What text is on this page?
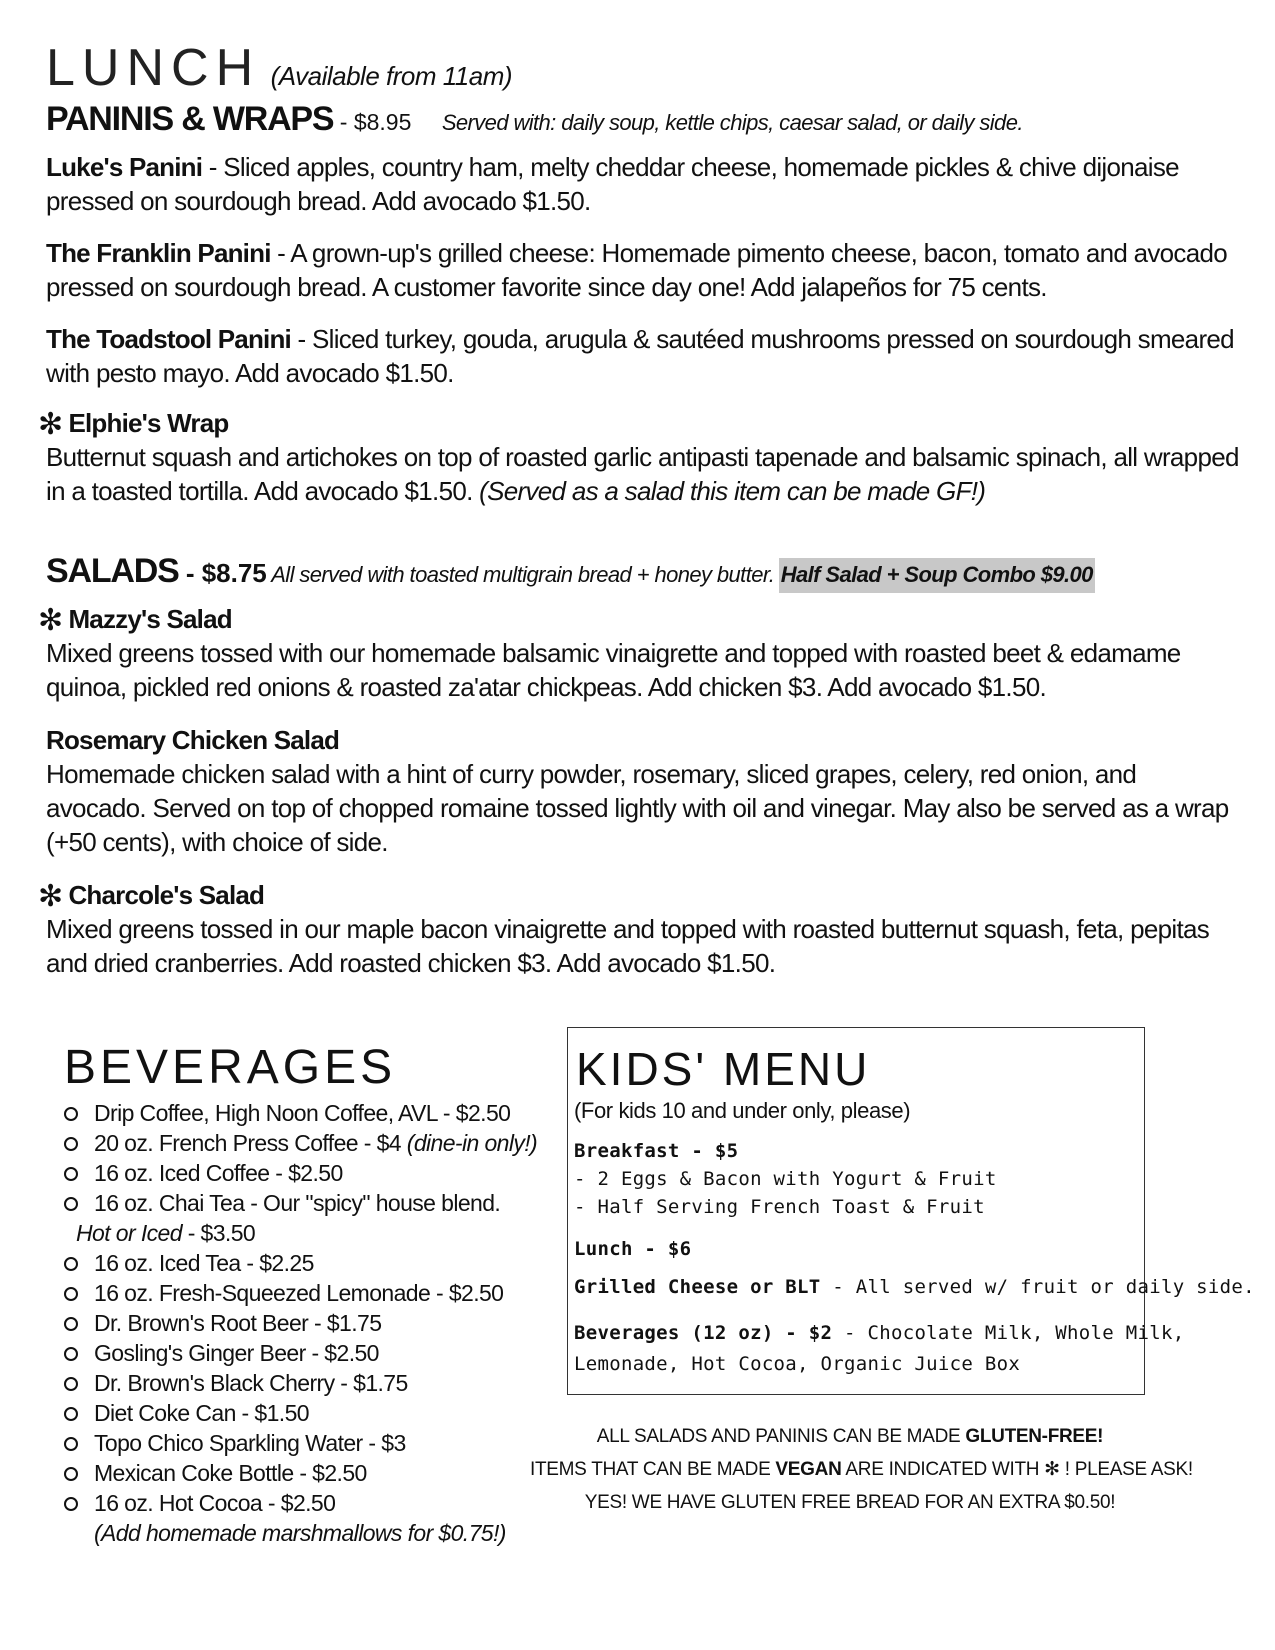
LUNCH (Available from 11am)
PANINIS & WRAPS - $8.95 Served with: daily soup, kettle chips, caesar salad, or daily side.
Luke's Panini - Sliced apples, country ham, melty cheddar cheese, homemade pickles & chive dijonaise pressed on sourdough bread. Add avocado $1.50.
The Franklin Panini - A grown-up's grilled cheese: Homemade pimento cheese, bacon, tomato and avocado pressed on sourdough bread. A customer favorite since day one! Add jalapeños for 75 cents.
The Toadstool Panini - Sliced turkey, gouda, arugula & sautéed mushrooms pressed on sourdough smeared with pesto mayo. Add avocado $1.50.
✻ Elphie's Wrap
Butternut squash and artichokes on top of roasted garlic antipasti tapenade and balsamic spinach, all wrapped in a toasted tortilla. Add avocado $1.50. (Served as a salad this item can be made GF!)
SALADS - $8.75 All served with toasted multigrain bread + honey butter. Half Salad + Soup Combo $9.00
✻ Mazzy's Salad
Mixed greens tossed with our homemade balsamic vinaigrette and topped with roasted beet & edamame quinoa, pickled red onions & roasted za'atar chickpeas. Add chicken $3. Add avocado $1.50.
Rosemary Chicken Salad
Homemade chicken salad with a hint of curry powder, rosemary, sliced grapes, celery, red onion, and avocado. Served on top of chopped romaine tossed lightly with oil and vinegar. May also be served as a wrap (+50 cents), with choice of side.
✻ Charcole's Salad
Mixed greens tossed in our maple bacon vinaigrette and topped with roasted butternut squash, feta, pepitas and dried cranberries. Add roasted chicken $3. Add avocado $1.50.
BEVERAGES
Drip Coffee, High Noon Coffee, AVL - $2.50
20 oz. French Press Coffee - $4 (dine-in only!)
16 oz. Iced Coffee - $2.50
16 oz. Chai Tea - Our "spicy" house blend.
Hot or Iced - $3.50
16 oz. Iced Tea - $2.25
16 oz. Fresh-Squeezed Lemonade - $2.50
Dr. Brown's Root Beer - $1.75
Gosling's Ginger Beer - $2.50
Dr. Brown's Black Cherry - $1.75
Diet Coke Can - $1.50
Topo Chico Sparkling Water - $3
Mexican Coke Bottle - $2.50
16 oz. Hot Cocoa - $2.50
(Add homemade marshmallows for $0.75!)
KIDS' MENU
(For kids 10 and under only, please)
Breakfast - $5
- 2 Eggs & Bacon with Yogurt & Fruit
- Half Serving French Toast & Fruit
Lunch - $6
Grilled Cheese or BLT - All served w/ fruit or daily side.
Beverages (12 oz) - $2 - Chocolate Milk, Whole Milk,
Lemonade, Hot Cocoa, Organic Juice Box
ALL SALADS AND PANINIS CAN BE MADE GLUTEN-FREE!
ITEMS THAT CAN BE MADE VEGAN ARE INDICATED WITH ✻ ! PLEASE ASK!
YES! WE HAVE GLUTEN FREE BREAD FOR AN EXTRA $0.50!
